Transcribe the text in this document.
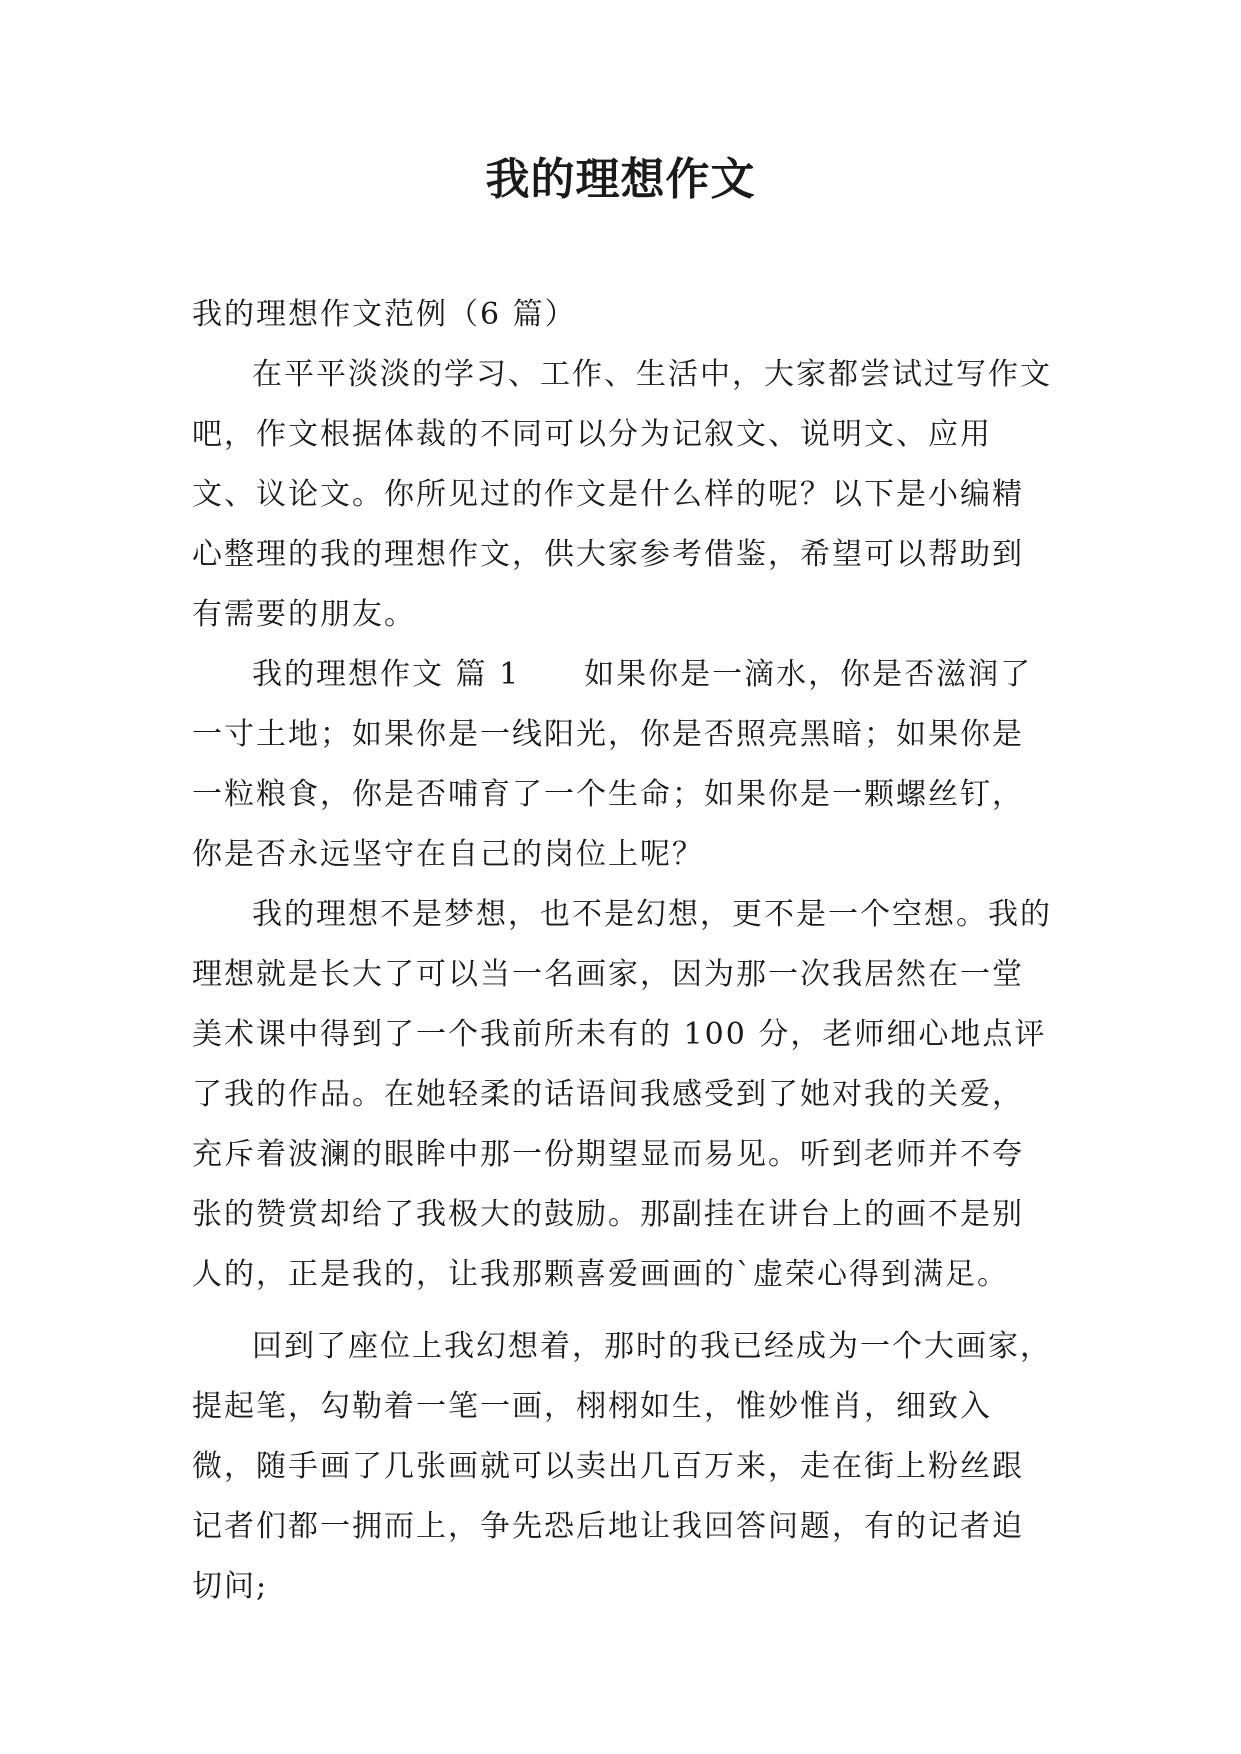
我的理想作文

我的理想作文范例（6 篇）

在平平淡淡的学习、工作、生活中，大家都尝试过写作文吧，作文根据体裁的不同可以分为记叙文、说明文、应用文、议论文。你所见过的作文是什么样的呢？以下是小编精心整理的我的理想作文，供大家参考借鉴，希望可以帮助到有需要的朋友。

我的理想作文 篇 1 如果你是一滴水，你是否滋润了一寸土地；如果你是一线阳光，你是否照亮黑暗；如果你是一粒粮食，你是否哺育了一个生命；如果你是一颗螺丝钉，你是否永远坚守在自己的岗位上呢？

我的理想不是梦想，也不是幻想，更不是一个空想。我的理想就是长大了可以当一名画家，因为那一次我居然在一堂美术课中得到了一个我前所未有的 100 分，老师细心地点评了我的作品。在她轻柔的话语间我感受到了她对我的关爱，充斥着波澜的眼眸中那一份期望显而易见。听到老师并不夸张的赞赏却给了我极大的鼓励。那副挂在讲台上的画不是别人的，正是我的，让我那颗喜爱画画的`虚荣心得到满足。

回到了座位上我幻想着，那时的我已经成为一个大画家，提起笔，勾勒着一笔一画，栩栩如生，惟妙惟肖，细致入微，随手画了几张画就可以卖出几百万来，走在街上粉丝跟记者们都一拥而上，争先恐后地让我回答问题，有的记者迫切问;
